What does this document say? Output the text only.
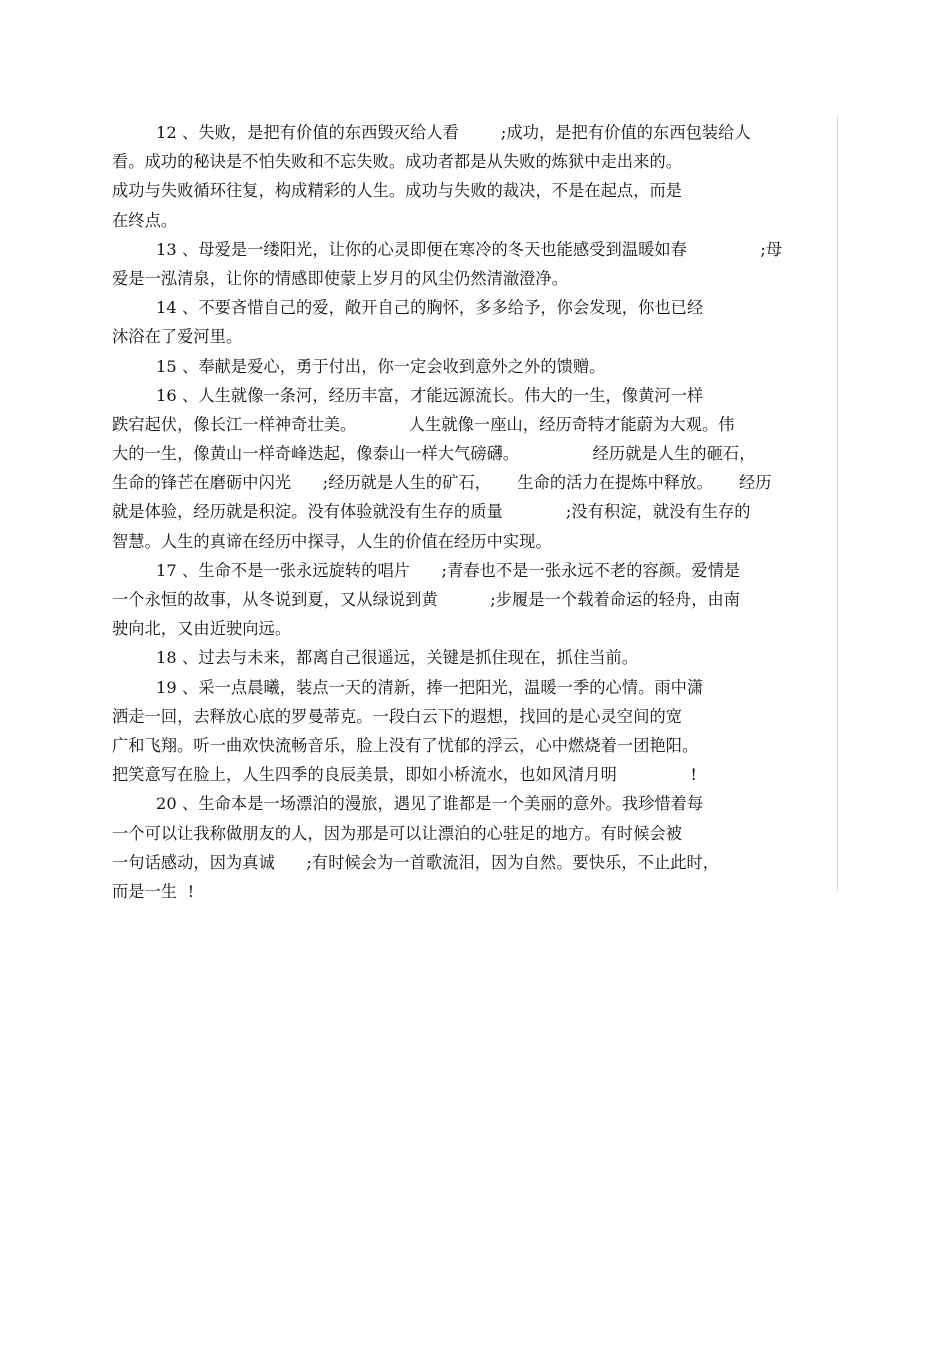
12 、失败，是把有价值的东西毁灭给人看        ;成功，是把有价值的东西包装给人
看。成功的秘诀是不怕失败和不忘失败。成功者都是从失败的炼狱中走出来的。
成功与失败循环往复，构成精彩的人生。成功与失败的裁决，不是在起点，而是
在终点。
13 、母爱是一缕阳光，让你的心灵即便在寒冷的冬天也能感受到温暖如春              ;母
爱是一泓清泉，让你的情感即使蒙上岁月的风尘仍然清澈澄净。
14 、不要吝惜自己的爱，敞开自己的胸怀，多多给予，你会发现，你也已经
沐浴在了爱河里。
15 、奉献是爱心，勇于付出，你一定会收到意外之外的馈赠。
16 、人生就像一条河，经历丰富，才能远源流长。伟大的一生，像黄河一样
跌宕起伏，像长江一样神奇壮美。          人生就像一座山，经历奇特才能蔚为大观。伟
大的一生，像黄山一样奇峰迭起，像泰山一样大气磅礴。              经历就是人生的砸石，
生命的锋芒在磨砺中闪光      ;经历就是人生的矿石，     生命的活力在提炼中释放。     经历
就是体验，经历就是积淀。没有体验就没有生存的质量            ;没有积淀，就没有生存的
智慧。人生的真谛在经历中探寻，人生的价值在经历中实现。
17 、生命不是一张永远旋转的唱片      ;青春也不是一张永远不老的容颜。爱情是
一个永恒的故事，从冬说到夏，又从绿说到黄          ;步履是一个载着命运的轻舟，由南
驶向北，又由近驶向远。
18 、过去与未来，都离自己很遥远，关键是抓住现在，抓住当前。
19 、采一点晨曦，装点一天的清新，捧一把阳光，温暖一季的心情。雨中潇
洒走一回，去释放心底的罗曼蒂克。一段白云下的遐想，找回的是心灵空间的宽
广和飞翔。听一曲欢快流畅音乐，脸上没有了忧郁的浮云，心中燃烧着一团艳阳。
把笑意写在脸上，人生四季的良辰美景，即如小桥流水，也如风清月明              !
20 、生命本是一场漂泊的漫旅，遇见了谁都是一个美丽的意外。我珍惜着每
一个可以让我称做朋友的人，因为那是可以让漂泊的心驻足的地方。有时候会被
一句话感动，因为真诚      ;有时候会为一首歌流泪，因为自然。要快乐，不止此时，
而是一生  !
